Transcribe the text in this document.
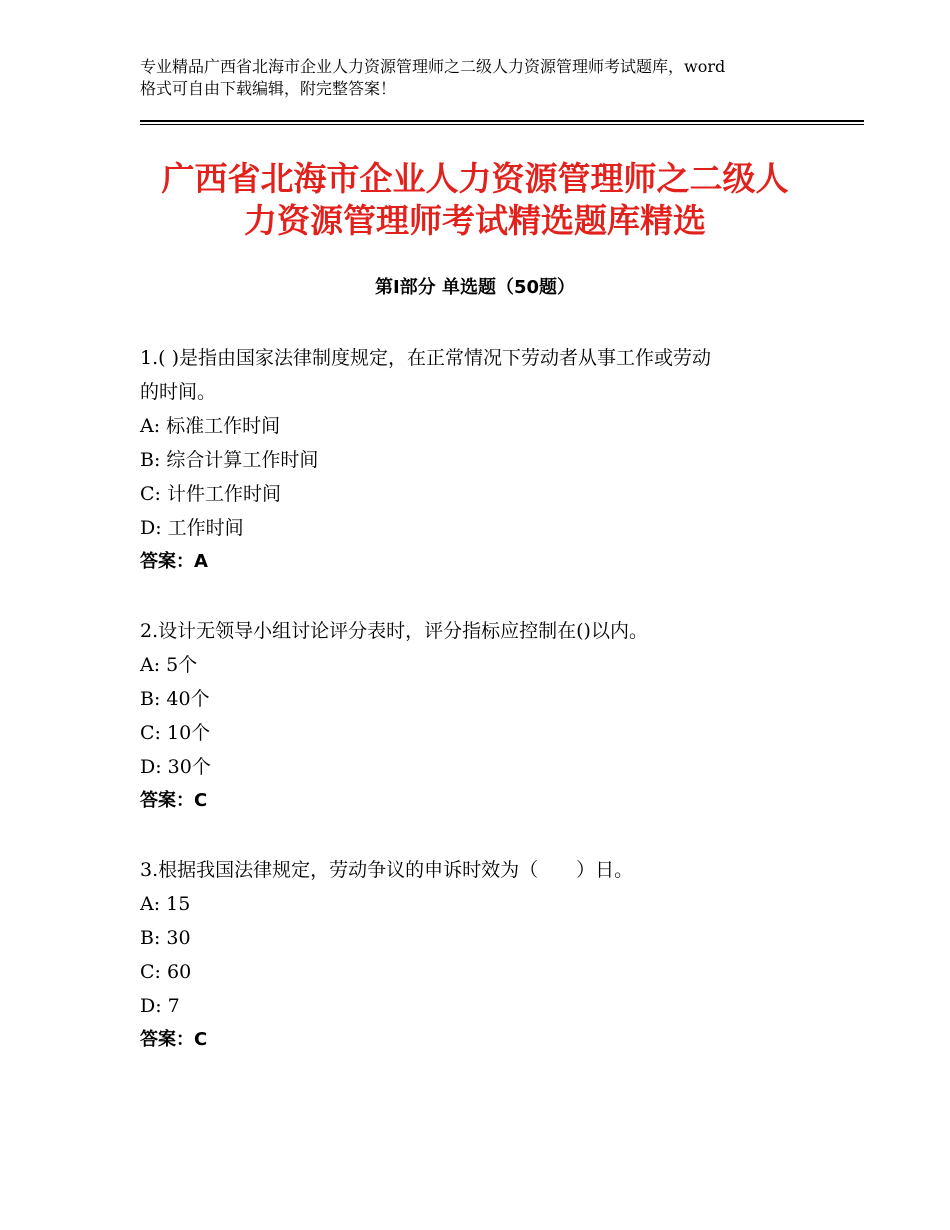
专业精品广西省北海市企业人力资源管理师之二级人力资源管理师考试题库，word
格式可自由下载编辑，附完整答案！
广西省北海市企业人力资源管理师之二级人
力资源管理师考试精选题库精选
第Ⅰ部分 单选题（50题）

1.( )是指由国家法律制度规定，在正常情况下劳动者从事工作或劳动

的时间。

A: 标准工作时间

B: 综合计算工作时间

C: 计件工作时间

D: 工作时间

答案：A

2.设计无领导小组讨论评分表时，评分指标应控制在()以内。

A: 5个

B: 40个

C: 10个

D: 30个

答案：C

3.根据我国法律规定，劳动争议的申诉时效为（　　）日。

A: 15

B: 30

C: 60

D: 7

答案：C
